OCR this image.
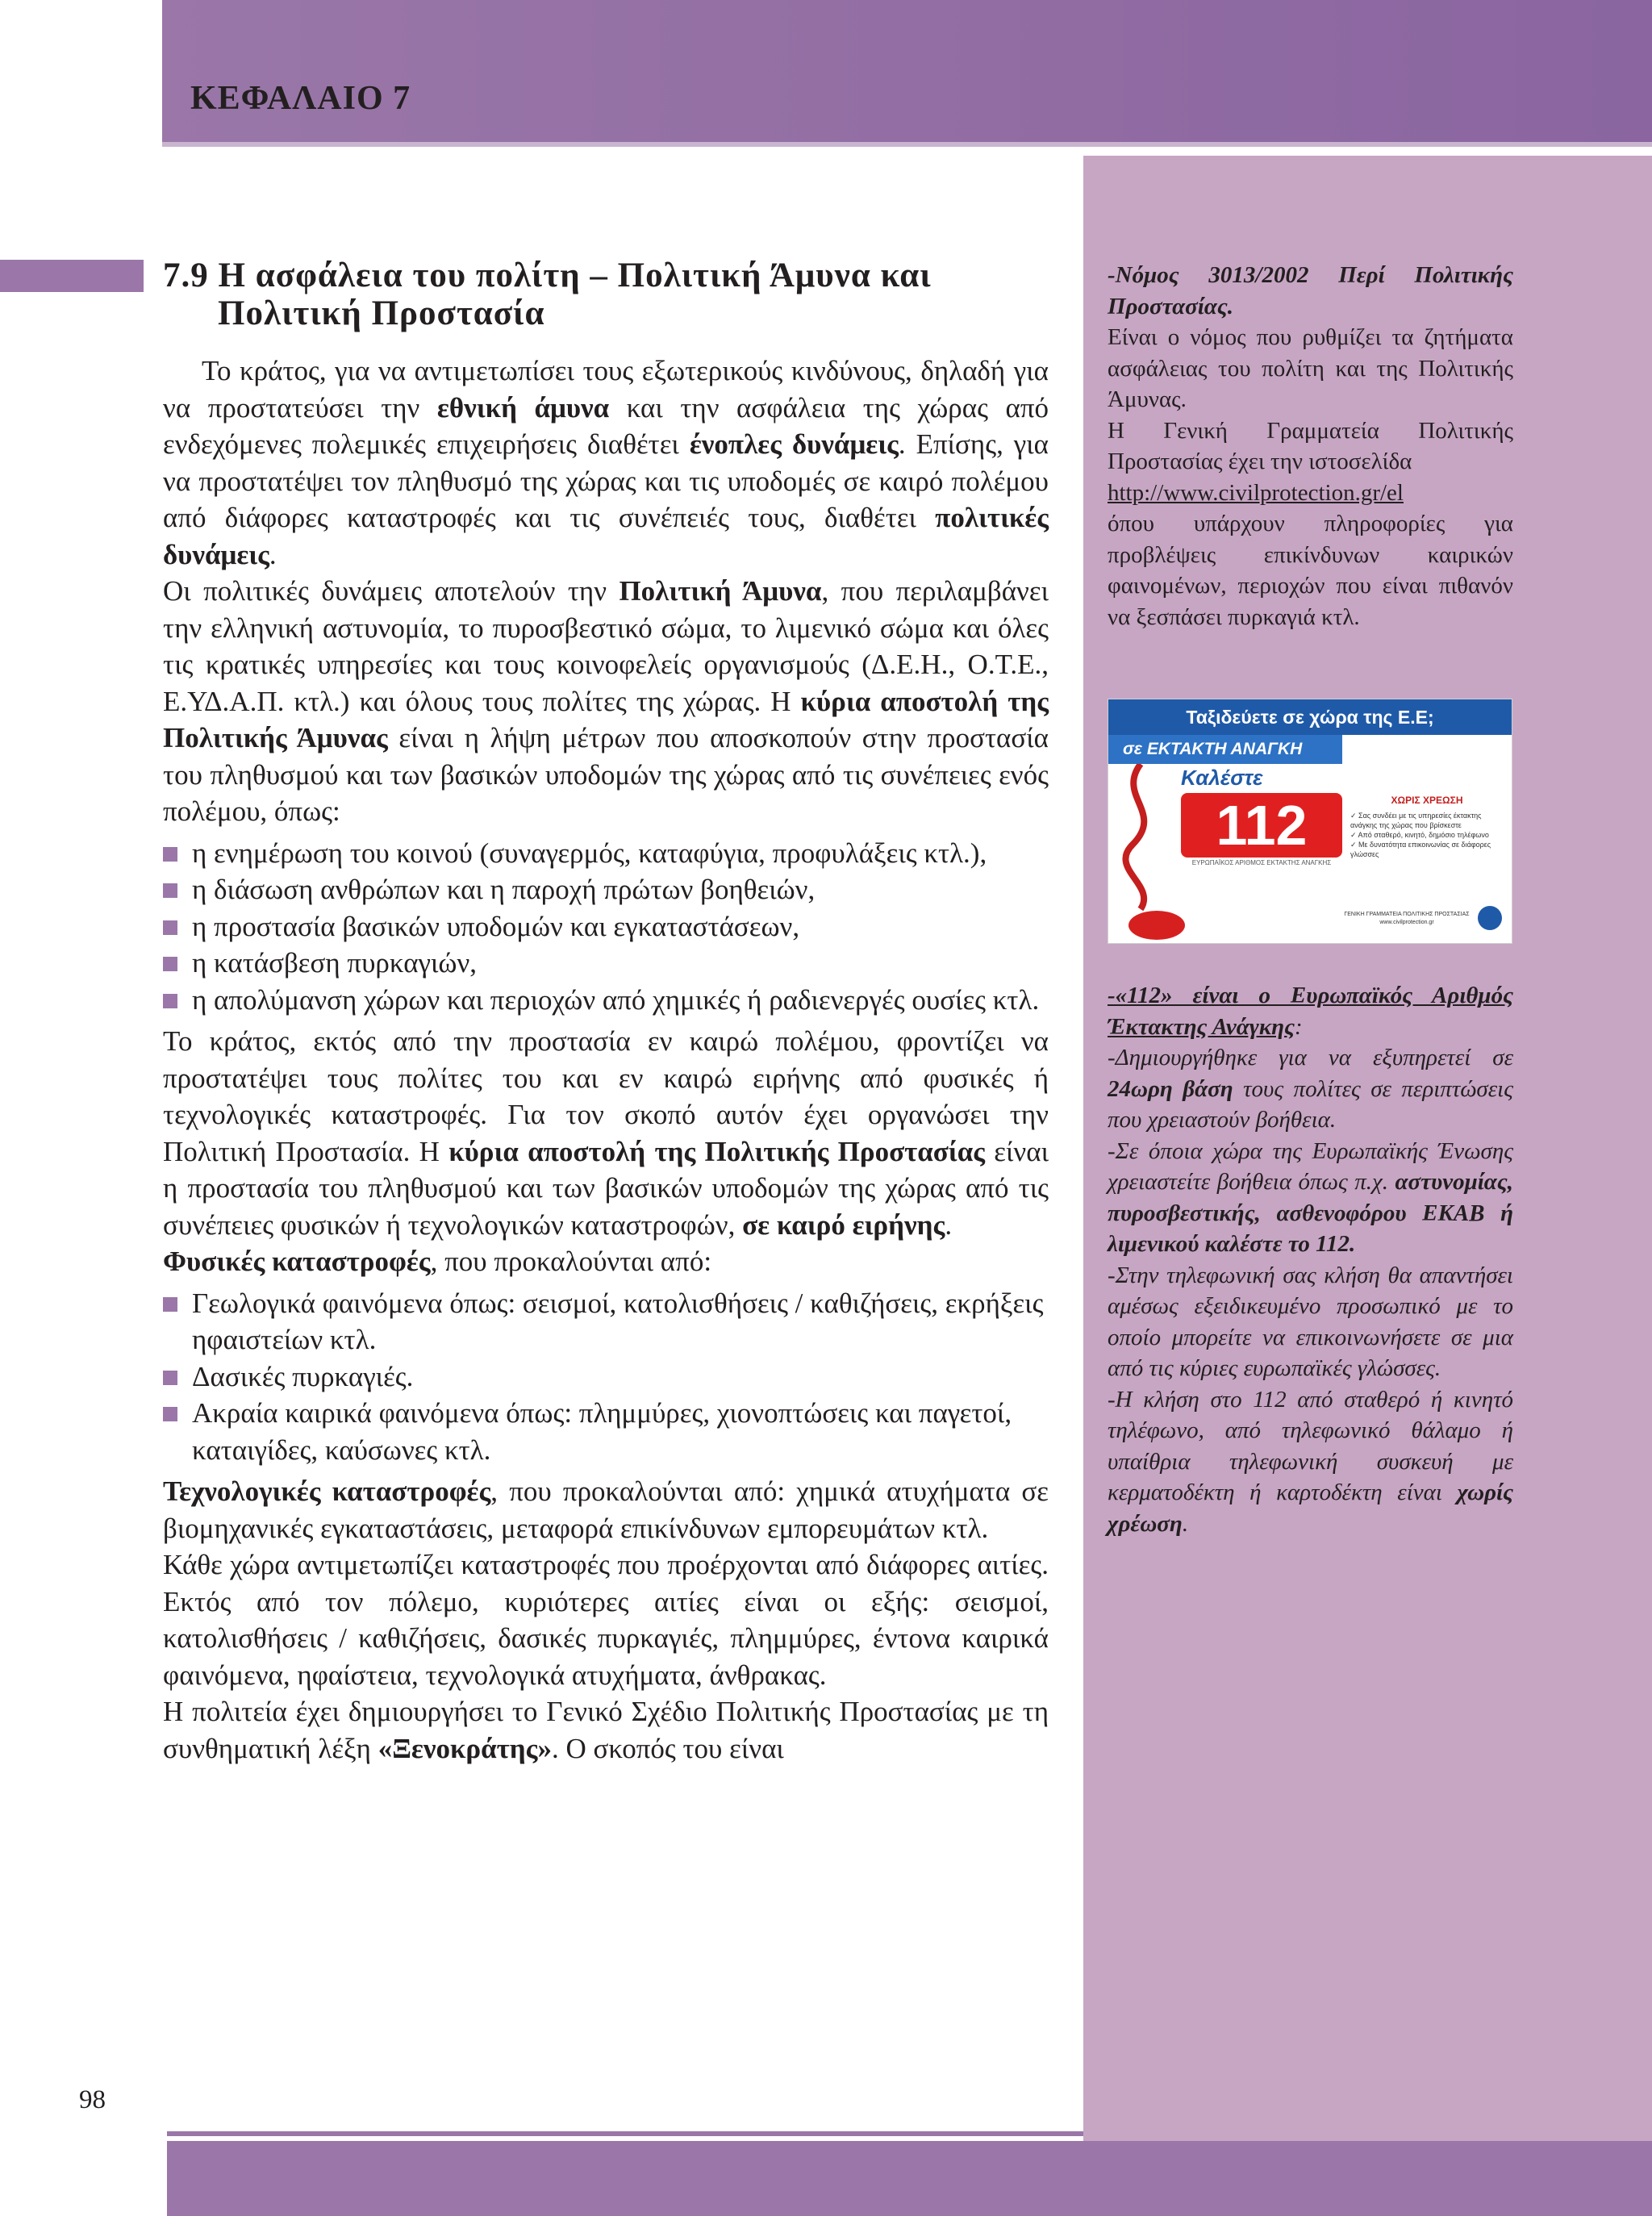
ΚΕΦΑΛΑΙΟ 7
7.9 Η ασφάλεια του πολίτη – Πολιτική Άμυνα και
Πολιτική Προστασία

Το κράτος, για να αντιμετωπίσει τους εξωτερικούς κινδύνους, δηλαδή για να προστατεύσει την εθνική άμυνα και την ασφάλεια της χώρας από ενδεχόμενες πολεμικές επιχειρήσεις διαθέτει ένοπλες δυνάμεις. Επίσης, για να προστατέψει τον πληθυσμό της χώρας και τις υποδομές σε καιρό πολέμου από διάφορες καταστροφές και τις συνέπειές τους, διαθέτει πολιτικές δυνάμεις.

Οι πολιτικές δυνάμεις αποτελούν την Πολιτική Άμυνα, που περιλαμβάνει την ελληνική αστυνομία, το πυροσβεστικό σώμα, το λιμενικό σώμα και όλες τις κρατικές υπηρεσίες και τους κοινοφελείς οργανισμούς (Δ.Ε.Η., Ο.Τ.Ε., Ε.ΥΔ.Α.Π. κτλ.) και όλους τους πολίτες της χώρας. Η κύρια αποστολή της Πολιτικής Άμυνας είναι η λήψη μέτρων που αποσκοπούν στην προστασία του πληθυσμού και των βασικών υποδομών της χώρας από τις συνέπειες ενός πολέμου, όπως:

η ενημέρωση του κοινού (συναγερμός, καταφύγια, προφυλάξεις κτλ.),
η διάσωση ανθρώπων και η παροχή πρώτων βοηθειών,
η προστασία βασικών υποδομών και εγκαταστάσεων,
η κατάσβεση πυρκαγιών,
η απολύμανση χώρων και περιοχών από χημικές ή ραδιενεργές ουσίες κτλ.

Το κράτος, εκτός από την προστασία εν καιρώ πολέμου, φροντίζει να προστατέψει τους πολίτες του και εν καιρώ ειρήνης από φυσικές ή τεχνολογικές καταστροφές. Για τον σκοπό αυτόν έχει οργανώσει την Πολιτική Προστασία. Η κύρια αποστολή της Πολιτικής Προστασίας είναι η προστασία του πληθυσμού και των βασικών υποδομών της χώρας από τις συνέπειες φυσικών ή τεχνολογικών καταστροφών, σε καιρό ειρήνης.

Φυσικές καταστροφές, που προκαλούνται από:

Γεωλογικά φαινόμενα όπως: σεισμοί, κατολισθήσεις / καθιζήσεις, εκρήξεις ηφαιστείων κτλ.
Δασικές πυρκαγιές.
Ακραία καιρικά φαινόμενα όπως: πλημμύρες, χιονοπτώσεις και παγετοί, καταιγίδες, καύσωνες κτλ.

Τεχνολογικές καταστροφές, που προκαλούνται από: χημικά ατυχήματα σε βιομηχανικές εγκαταστάσεις, μεταφορά επικίνδυνων εμπορευμάτων κτλ.

Κάθε χώρα αντιμετωπίζει καταστροφές που προέρχονται από διάφορες αιτίες. Εκτός από τον πόλεμο, κυριότερες αιτίες είναι οι εξής: σεισμοί, κατολισθήσεις / καθιζήσεις, δασικές πυρκαγιές, πλημμύρες, έντονα καιρικά φαινόμενα, ηφαίστεια, τεχνολογικά ατυχήματα, άνθρακας.

Η πολιτεία έχει δημιουργήσει το Γενικό Σχέδιο Πολιτικής Προστασίας με τη συνθηματική λέξη «Ξενοκράτης». Ο σκοπός του είναι

-Νόμος 3013/2002 Περί Πολιτικής Προστασίας.

Είναι ο νόμος που ρυθμίζει τα ζητήματα ασφάλειας του πολίτη και της Πολιτικής Άμυνας.

Η Γενική Γραμματεία Πολιτικής Προστασίας έχει την ιστοσελίδα

http://www.civilprotection.gr/el

όπου υπάρχουν πληροφορίες για προβλέψεις επικίνδυνων καιρικών φαινομένων, περιοχών που είναι πιθανόν να ξεσπάσει πυρκαγιά κτλ.

Ταξιδεύετε σε χώρα της Ε.Ε;
σε ΕΚΤΑΚΤΗ ΑΝΑΓΚΗ
Καλέστε
112
ΕΥΡΩΠΑΪΚΟΣ ΑΡΙΘΜΟΣ ΕΚΤΑΚΤΗΣ ΑΝΑΓΚΗΣ
ΧΩΡΙΣ ΧΡΕΩΣΗ
✓ Σας συνδέει με τις υπηρεσίες έκτακτης ανάγκης της χώρας που βρίσκεστε
✓ Από σταθερό, κινητό, δημόσιο τηλέφωνο
✓ Με δυνατότητα επικοινωνίας σε διάφορες γλώσσες
ΓΕΝΙΚΗ ΓΡΑΜΜΑΤΕΙΑ ΠΟΛΙΤΙΚΗΣ ΠΡΟΣΤΑΣΙΑΣ www.civilprotection.gr

-«112» είναι ο Ευρωπαϊκός Αριθμός Έκτακτης Ανάγκης:

-Δημιουργήθηκε για να εξυπηρετεί σε 24ωρη βάση τους πολίτες σε περιπτώσεις που χρειαστούν βοήθεια.

-Σε όποια χώρα της Ευρωπαϊκής Ένωσης χρειαστείτε βοήθεια όπως π.χ. αστυνομίας, πυροσβεστικής, ασθενοφόρου ΕΚΑΒ ή λιμενικού καλέστε το 112.

-Στην τηλεφωνική σας κλήση θα απαντήσει αμέσως εξειδικευμένο προσωπικό με το οποίο μπορείτε να επικοινωνήσετε σε μια από τις κύριες ευρωπαϊκές γλώσσες.

-Η κλήση στο 112 από σταθερό ή κινητό τηλέφωνο, από τηλεφωνικό θάλαμο ή υπαίθρια τηλεφωνική συσκευή με κερματοδέκτη ή καρτοδέκτη είναι χωρίς χρέωση.

98
